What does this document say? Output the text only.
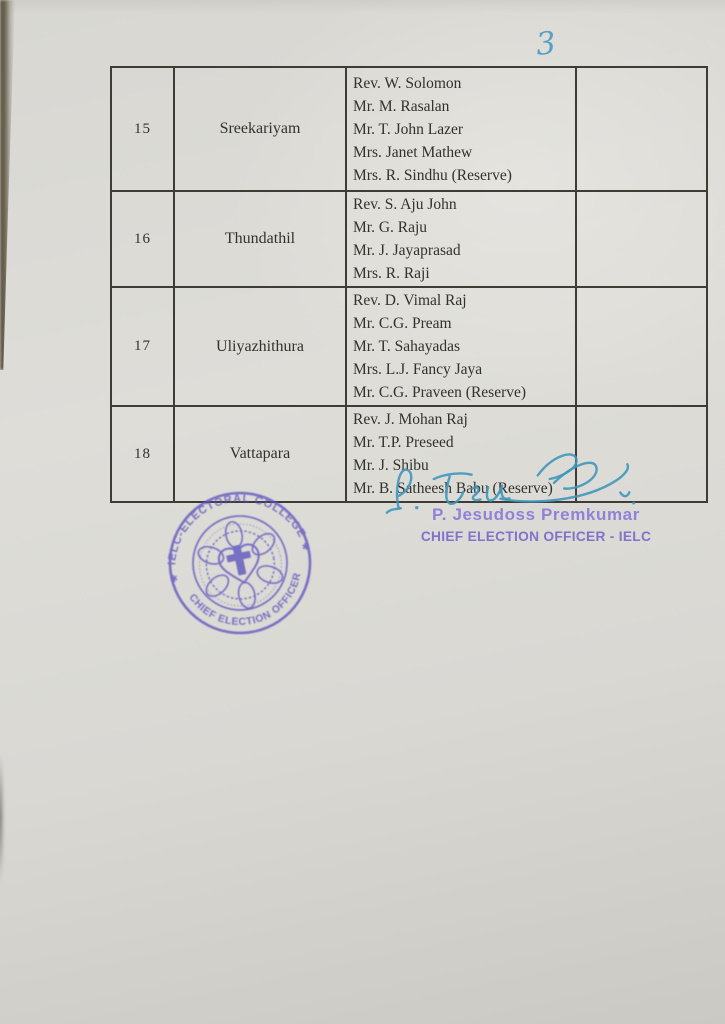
3
15	Sreekariyam	Rev. W. Solomon
Mr. M. Rasalan
Mr. T. John Lazer
Mrs. Janet Mathew
Mrs. R. Sindhu (Reserve)	

16	Thundathil	Rev. S. Aju John
Mr. G. Raju
Mr. J. Jayaprasad
Mrs. R. Raji	

17	Uliyazhithura	Rev. D. Vimal Raj
Mr. C.G. Pream
Mr. T. Sahayadas
Mrs. L.J. Fancy Jaya
Mr. C.G. Praveen (Reserve)	

18	Vattapara	Rev. J. Mohan Raj
Mr. T.P. Preseed
Mr. J. Shibu
Mr. B. Satheesh Babu (Reserve)	

IELC-ELECTORAL COLLEGE
CHIEF ELECTION OFFICER
✱
✱
P. Jesudoss Premkumar
CHIEF ELECTION OFFICER - IELC
